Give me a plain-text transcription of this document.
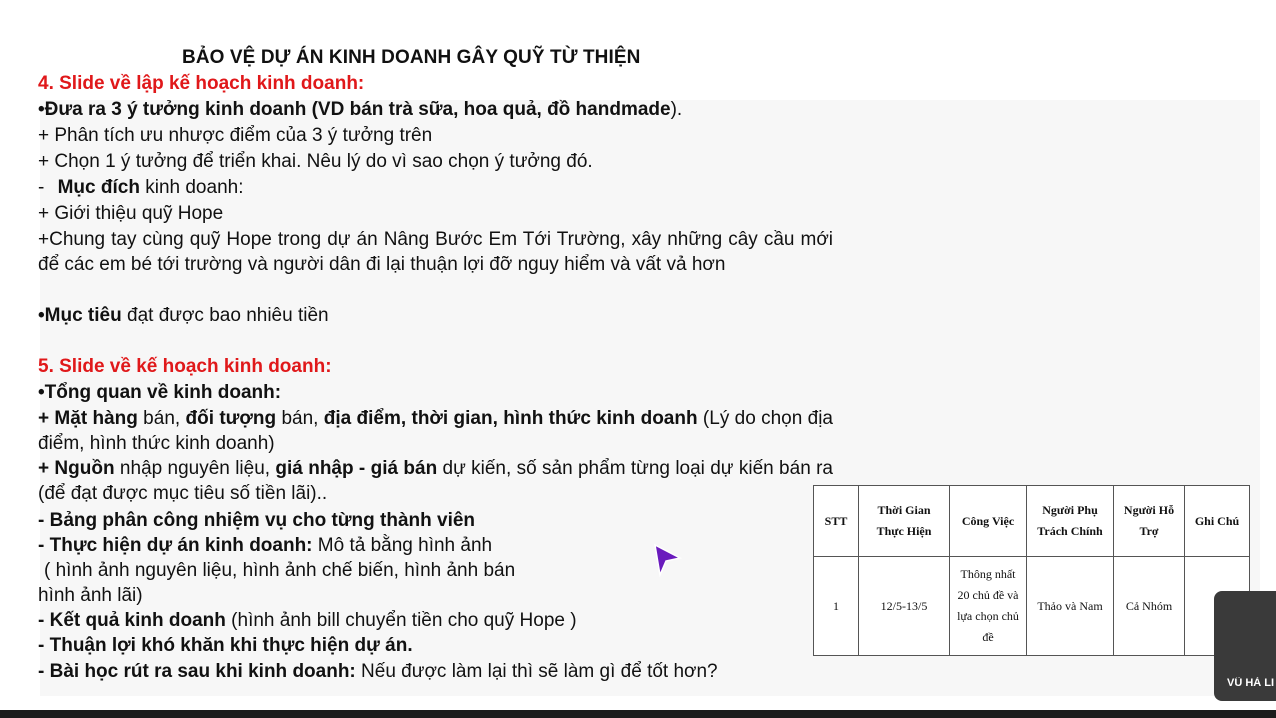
BẢO VỆ DỰ ÁN KINH DOANH GÂY QUỸ TỪ THIỆN
4. Slide về lập kế hoạch kinh doanh:
•Đưa ra 3 ý tưởng kinh doanh (VD bán trà sữa, hoa quả, đồ handmade).
+ Phân tích ưu nhược điểm của 3 ý tưởng trên
+ Chọn 1 ý tưởng để triển khai. Nêu lý do vì sao chọn ý tưởng đó.
- Mục đích kinh doanh:
+ Giới thiệu quỹ Hope
+Chung tay cùng quỹ Hope trong dự án Nâng Bước Em Tới Trường, xây những cây cầu mới để các em bé tới trường và người dân đi lại thuận lợi đỡ nguy hiểm và vất vả hơn
•Mục tiêu đạt được bao nhiêu tiền
5. Slide về kế hoạch kinh doanh:
•Tổng quan về kinh doanh:
+ Mặt hàng bán, đối tượng bán, địa điểm, thời gian, hình thức kinh doanh (Lý do chọn địa điểm, hình thức kinh doanh)
+ Nguồn nhập nguyên liệu, giá nhập - giá bán dự kiến, số sản phẩm từng loại dự kiến bán ra (để đạt được mục tiêu số tiền lãi)..
- Bảng phân công nhiệm vụ cho từng thành viên
- Thực hiện dự án kinh doanh: Mô tả bằng hình ảnh
( hình ảnh nguyên liệu, hình ảnh chế biến, hình ảnh bán
hình ảnh lãi)
- Kết quả kinh doanh (hình ảnh bill chuyển tiền cho quỹ Hope )
- Thuận lợi khó khăn khi thực hiện dự án.
- Bài học rút ra sau khi kinh doanh: Nếu được làm lại thì sẽ làm gì để tốt hơn?
STT	Thời Gian Thực Hiện	Công Việc	Người Phụ Trách Chính	Người Hỗ Trợ	Ghi Chú
1	12/5-13/5	Thông nhất 20 chủ đề và lựa chọn chủ đề	Thảo và Nam	Cả Nhóm	
VŨ HÀ LI
